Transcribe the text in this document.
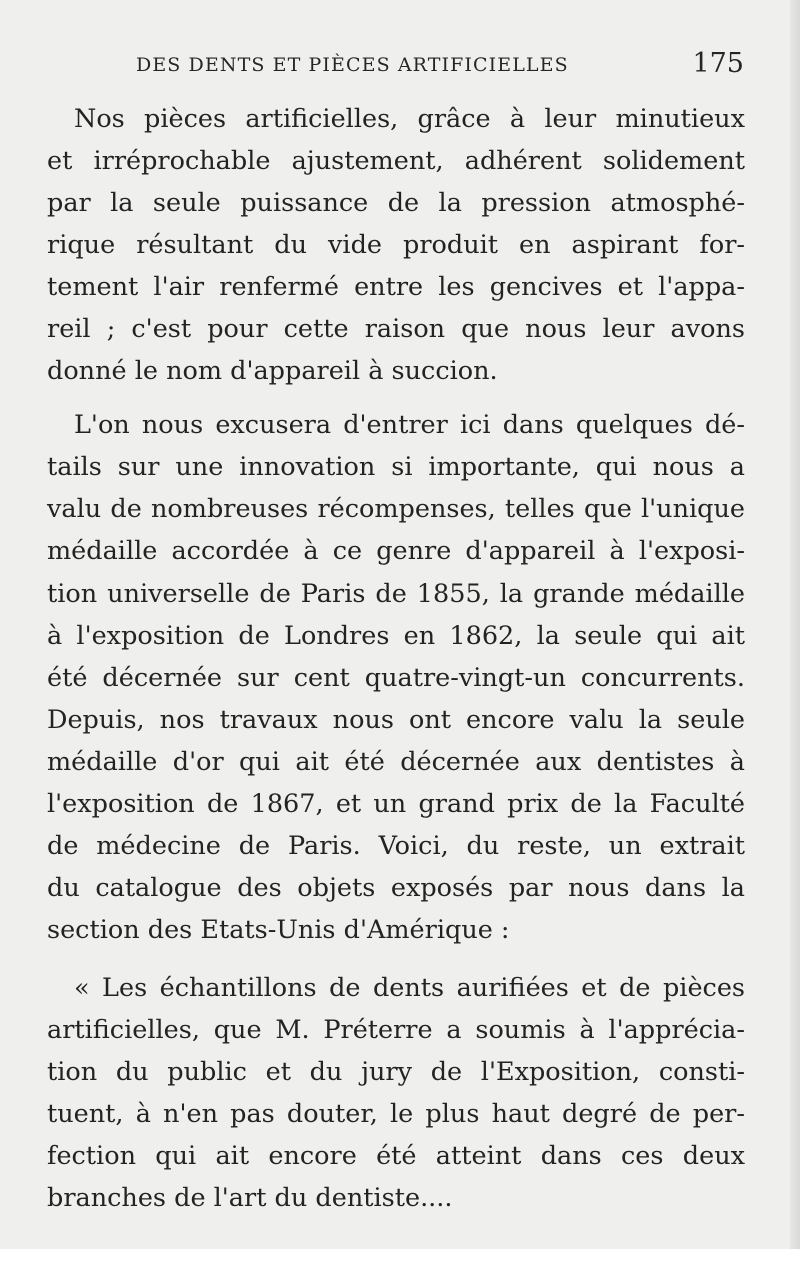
DES DENTS ET PIÈCES ARTIFICIELLES	175
Nos pièces artificielles, grâce à leur minutieux
et irréprochable ajustement, adhérent solidement
par la seule puissance de la pression atmosphé-
rique résultant du vide produit en aspirant for-
tement l'air renfermé entre les gencives et l'appa-
reil ; c'est pour cette raison que nous leur avons
donné le nom d'appareil à succion.
L'on nous excusera d'entrer ici dans quelques dé-
tails sur une innovation si importante, qui nous a
valu de nombreuses récompenses, telles que l'unique
médaille accordée à ce genre d'appareil à l'exposi-
tion universelle de Paris de 1855, la grande médaille
à l'exposition de Londres en 1862, la seule qui ait
été décernée sur cent quatre-vingt-un concurrents.
Depuis, nos travaux nous ont encore valu la seule
médaille d'or qui ait été décernée aux dentistes à
l'exposition de 1867, et un grand prix de la Faculté
de médecine de Paris. Voici, du reste, un extrait
du catalogue des objets exposés par nous dans la
section des Etats-Unis d'Amérique :
« Les échantillons de dents aurifiées et de pièces
artificielles, que M. Préterre a soumis à l'apprécia-
tion du public et du jury de l'Exposition, consti-
tuent, à n'en pas douter, le plus haut degré de per-
fection qui ait encore été atteint dans ces deux
branches de l'art du dentiste....
